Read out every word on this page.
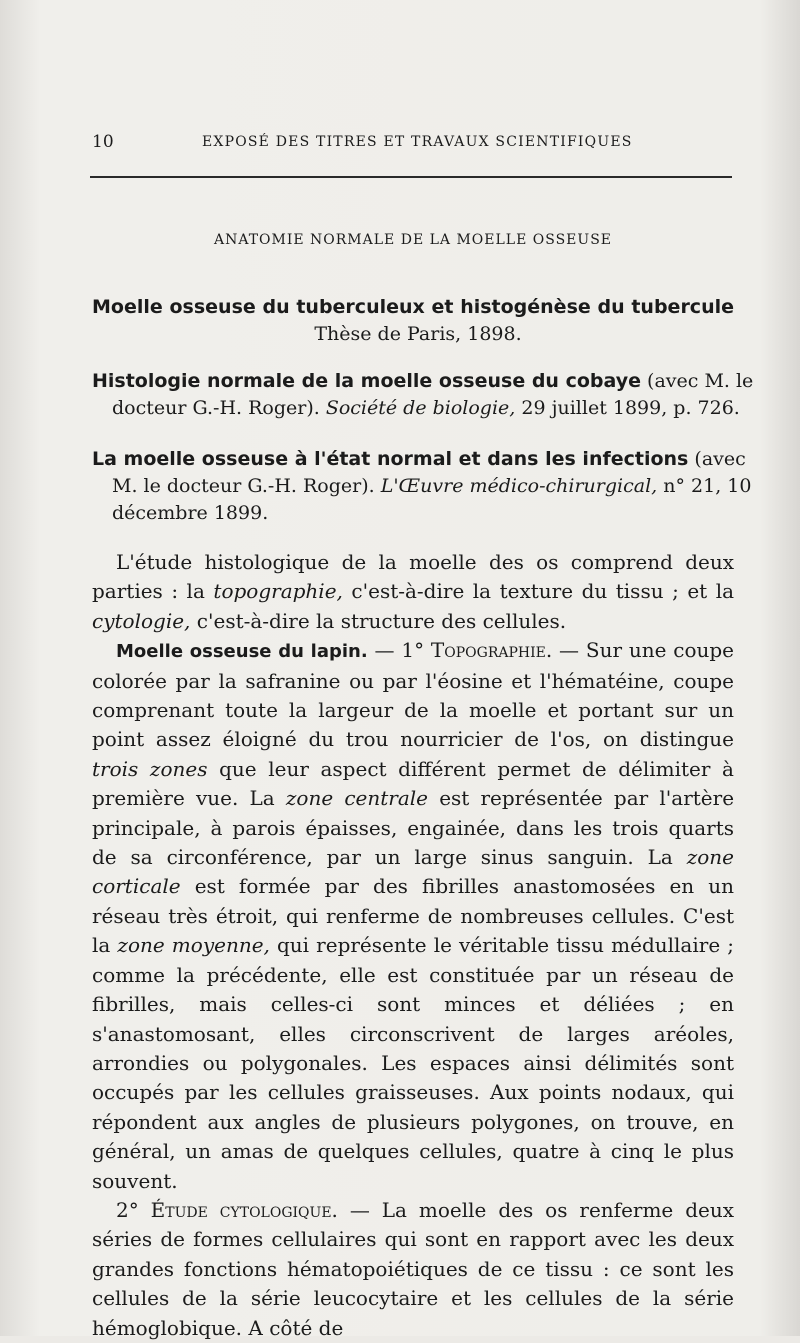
10	EXPOSÉ DES TITRES ET TRAVAUX SCIENTIFIQUES
ANATOMIE NORMALE DE LA MOELLE OSSEUSE
Moelle osseuse du tuberculeux et histogénèse du tubercule
Thèse de Paris, 1898.
Histologie normale de la moelle osseuse du cobaye (avec M. le docteur G.-H. Roger). Société de biologie, 29 juillet 1899, p. 726.
La moelle osseuse à l'état normal et dans les infections (avec M. le docteur G.-H. Roger). L'Œuvre médico-chirurgical, n° 21, 10 décembre 1899.

L'étude histologique de la moelle des os comprend deux parties : la topographie, c'est-à-dire la texture du tissu ; et la cytologie, c'est-à-dire la structure des cellules.

Moelle osseuse du lapin. — 1° Topographie. — Sur une coupe colorée par la safranine ou par l'éosine et l'hématéine, coupe comprenant toute la largeur de la moelle et portant sur un point assez éloigné du trou nourricier de l'os, on distingue trois zones que leur aspect différent permet de délimiter à première vue. La zone centrale est représentée par l'artère principale, à parois épaisses, engainée, dans les trois quarts de sa circonférence, par un large sinus sanguin. La zone corticale est formée par des fibrilles anastomosées en un réseau très étroit, qui renferme de nombreuses cellules. C'est la zone moyenne, qui représente le véritable tissu médullaire ; comme la précédente, elle est constituée par un réseau de fibrilles, mais celles-ci sont minces et déliées ; en s'anastomosant, elles circonscrivent de larges aréoles, arrondies ou polygonales. Les espaces ainsi délimités sont occupés par les cellules graisseuses. Aux points nodaux, qui répondent aux angles de plusieurs polygones, on trouve, en général, un amas de quelques cellules, quatre à cinq le plus souvent.

2° Étude cytologique. — La moelle des os renferme deux séries de formes cellulaires qui sont en rapport avec les deux grandes fonctions hématopoiétiques de ce tissu : ce sont les cellules de la série leucocytaire et les cellules de la série hémoglobique. A côté de
